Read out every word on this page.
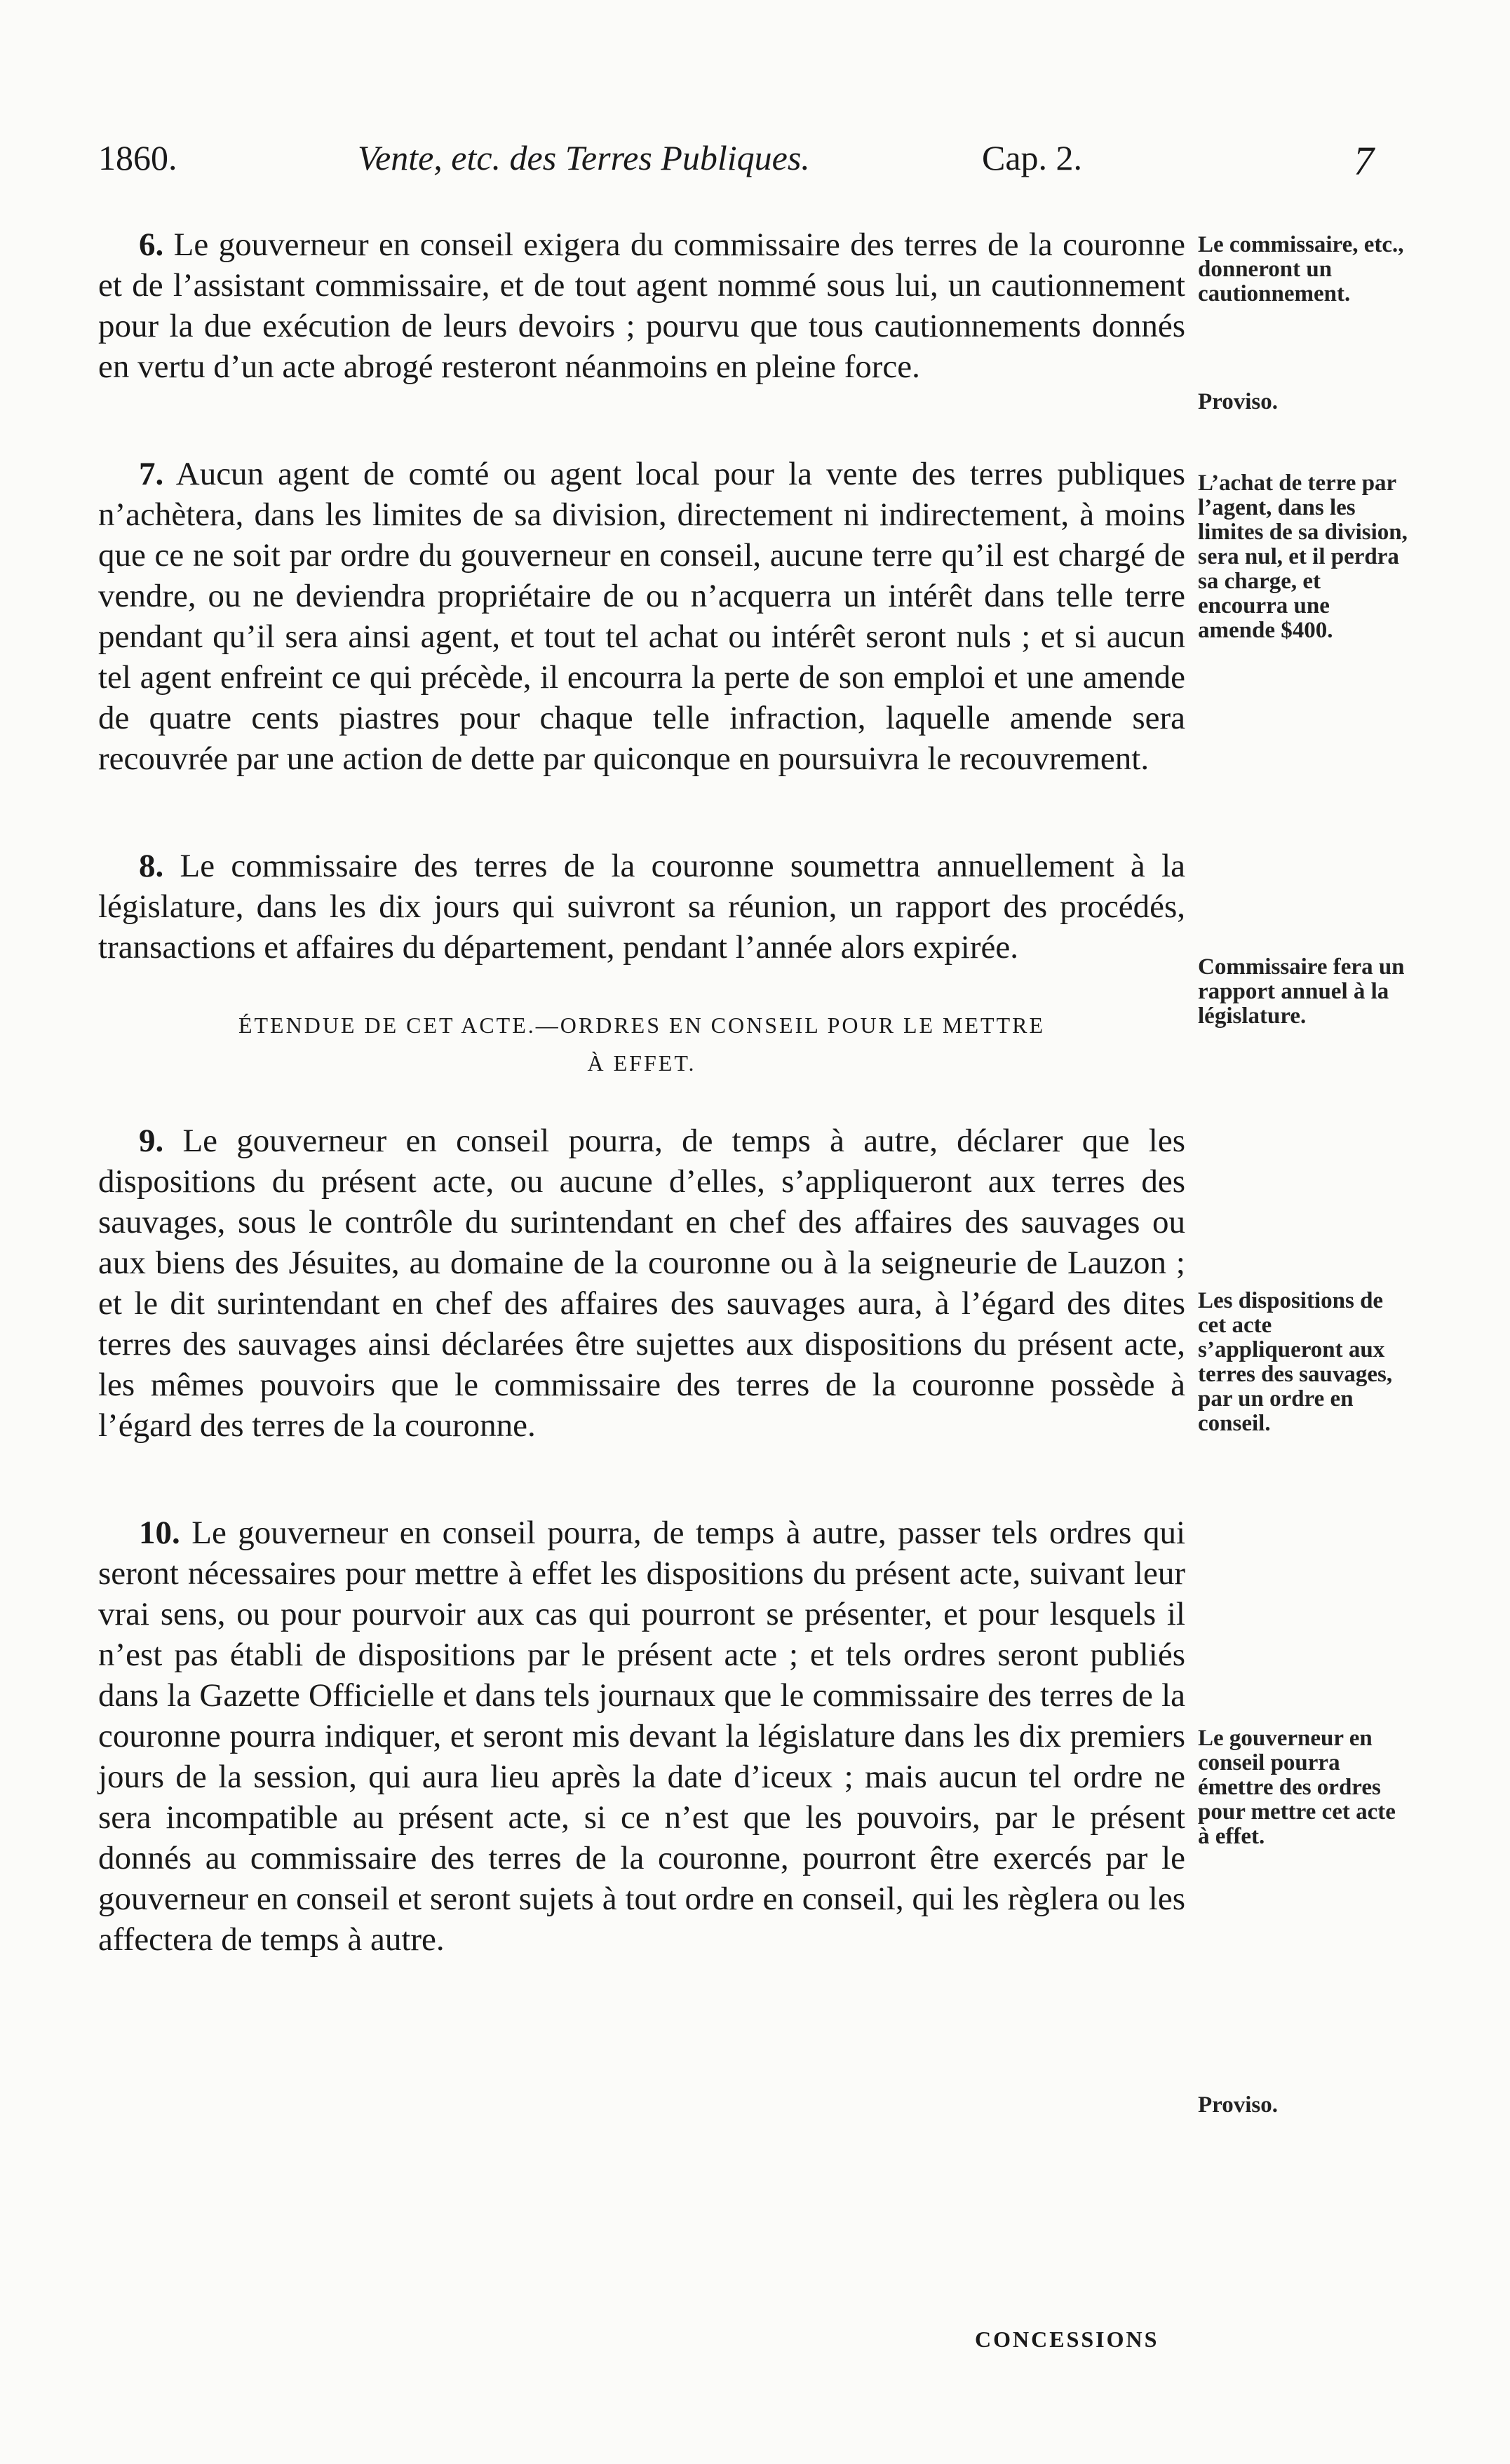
1860.	Vente, etc. des Terres Publiques.	Cap. 2.	7

6. Le gouverneur en conseil exigera du commissaire des terres de la couronne et de l’assistant commissaire, et de tout agent nommé sous lui, un cautionnement pour la due exécution de leurs devoirs ; pourvu que tous cautionnements donnés en vertu d’un acte abrogé resteront néanmoins en pleine force.

7. Aucun agent de comté ou agent local pour la vente des terres publiques n’achètera, dans les limites de sa division, directement ni indirectement, à moins que ce ne soit par ordre du gouverneur en conseil, aucune terre qu’il est chargé de vendre, ou ne deviendra propriétaire de ou n’acquerra un intérêt dans telle terre pendant qu’il sera ainsi agent, et tout tel achat ou intérêt seront nuls ; et si aucun tel agent enfreint ce qui précède, il encourra la perte de son emploi et une amende de quatre cents piastres pour chaque telle infraction, laquelle amende sera recouvrée par une action de dette par quiconque en poursuivra le recouvrement.

8. Le commissaire des terres de la couronne soumettra annuellement à la législature, dans les dix jours qui suivront sa réunion, un rapport des procédés, transactions et affaires du département, pendant l’année alors expirée.

ÉTENDUE DE CET ACTE.—ORDRES EN CONSEIL POUR LE METTRE
À EFFET.

9. Le gouverneur en conseil pourra, de temps à autre, déclarer que les dispositions du présent acte, ou aucune d’elles, s’appliqueront aux terres des sauvages, sous le contrôle du surintendant en chef des affaires des sauvages ou aux biens des Jésuites, au domaine de la couronne ou à la seigneurie de Lauzon ; et le dit surintendant en chef des affaires des sauvages aura, à l’égard des dites terres des sauvages ainsi déclarées être sujettes aux dispositions du présent acte, les mêmes pouvoirs que le commissaire des terres de la couronne possède à l’égard des terres de la couronne.

10. Le gouverneur en conseil pourra, de temps à autre, passer tels ordres qui seront nécessaires pour mettre à effet les dispositions du présent acte, suivant leur vrai sens, ou pour pourvoir aux cas qui pourront se présenter, et pour lesquels il n’est pas établi de dispositions par le présent acte ; et tels ordres seront publiés dans la Gazette Officielle et dans tels journaux que le commissaire des terres de la couronne pourra indiquer, et seront mis devant la législature dans les dix premiers jours de la session, qui aura lieu après la date d’iceux ; mais aucun tel ordre ne sera incompatible au présent acte, si ce n’est que les pouvoirs, par le présent donnés au commissaire des terres de la couronne, pourront être exercés par le gouverneur en conseil et seront sujets à tout ordre en conseil, qui les règlera ou les affectera de temps à autre.

Le commissaire, etc., donneront un cautionnement.
Proviso.
L’achat de terre par l’agent, dans les limites de sa division, sera nul, et il perdra sa charge, et encourra une amende $400.
Commissaire fera un rapport annuel à la législature.
Les dispositions de cet acte s’appliqueront aux terres des sauvages, par un ordre en conseil.
Le gouverneur en conseil pourra émettre des ordres pour mettre cet acte à effet.
Proviso.
CONCESSIONS
